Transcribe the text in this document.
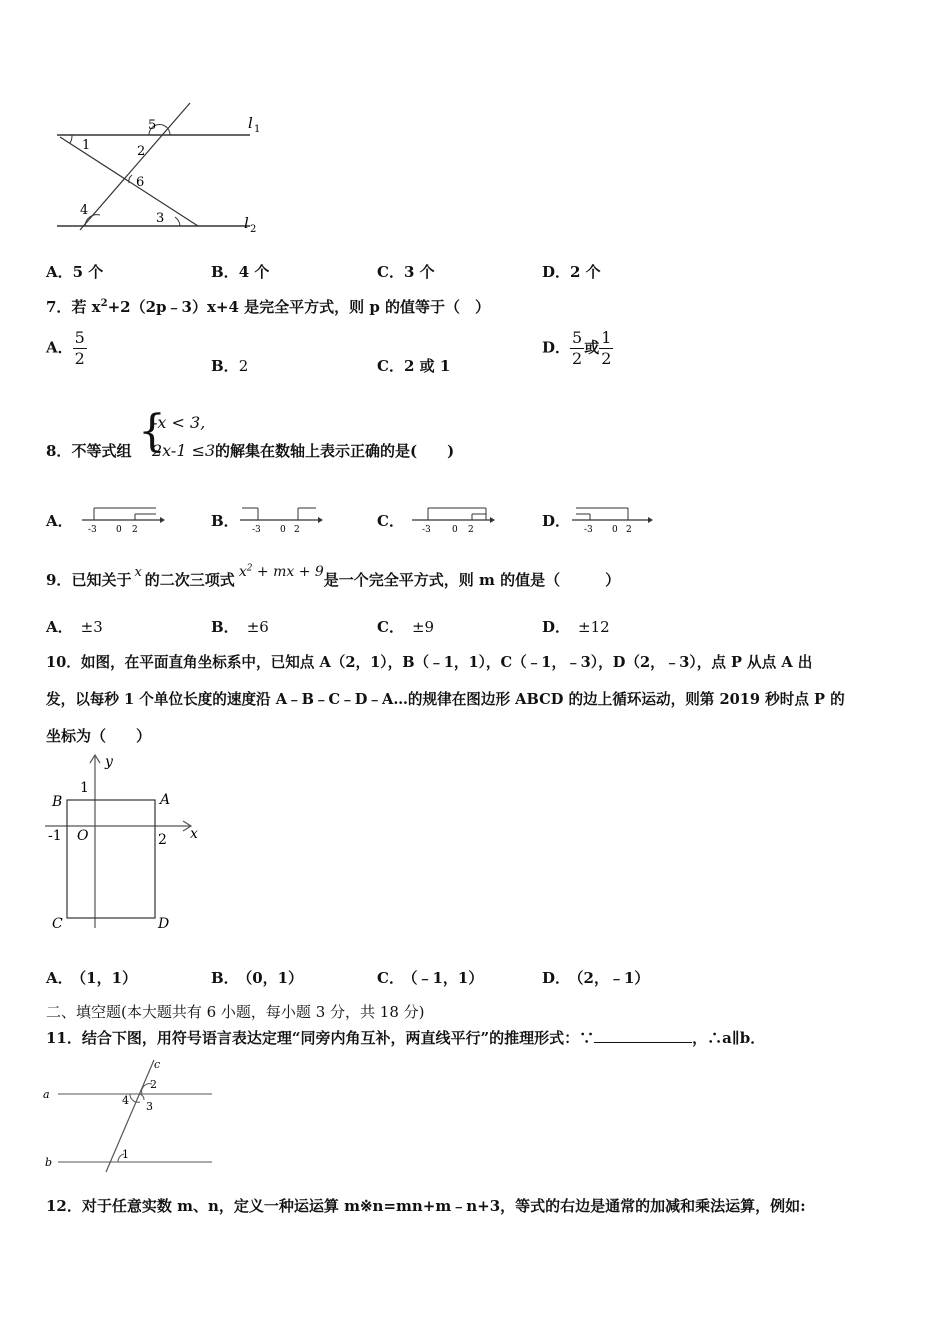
l 1
l 2
1	2
3
4
5
6
A．5 个	B．4 个	C．3 个	D．2 个
7．若 $x^2+2(2p﹣3)x+4$ 是完全平方式，则 p 的值等于（　）
A． $\frac{5}{2}$	B．2	C．2 或 1
D． $\frac{5}{2}$ 或 $\frac{1}{2}$
8．不等式组 {
-x < 3,
2x-1 ≤3 的解集在数轴上表示正确的是(　　)
A． -3 0 2	B． -3 0 2	C． -3 0 2	D． -3 0 2
9．已知关于 x 的二次三项式 $x^2$ + mx + 9是一个完全平方式，则 m 的值是（　　　）
A． ±3	B． ±6	C． ±9	D． ±12
10．如图，在平面直角坐标系中，已知点 A（2，1），B（﹣1，1），C（﹣1，﹣3），D（2，﹣3），点 P 从点 A 出
发，以每秒 1 个单位长度的速度沿 A﹣B﹣C﹣D﹣A…的规律在图边形 ABCD 的边上循环运动，则第 2019 秒时点 P 的
坐标为（　　）
y
x
1
B	A
-1 O	2
C	D
A． （1，1）	B． （0，1）	C． （﹣1，1）	D． （2，﹣1）
二、填空题(本大题共有 6 小题，每小题 3 分，共 18 分)
11．结合下图，用符号语言表达定理“同旁内角互补，两直线平行”的推理形式：∵	，∴a∥b．
a
b
c
1
2
3
4
12．对于任意实数 m、n，定义一种运运算 m※n=mn+m﹣n+3，等式的右边是通常的加减和乘法运算，例如:
